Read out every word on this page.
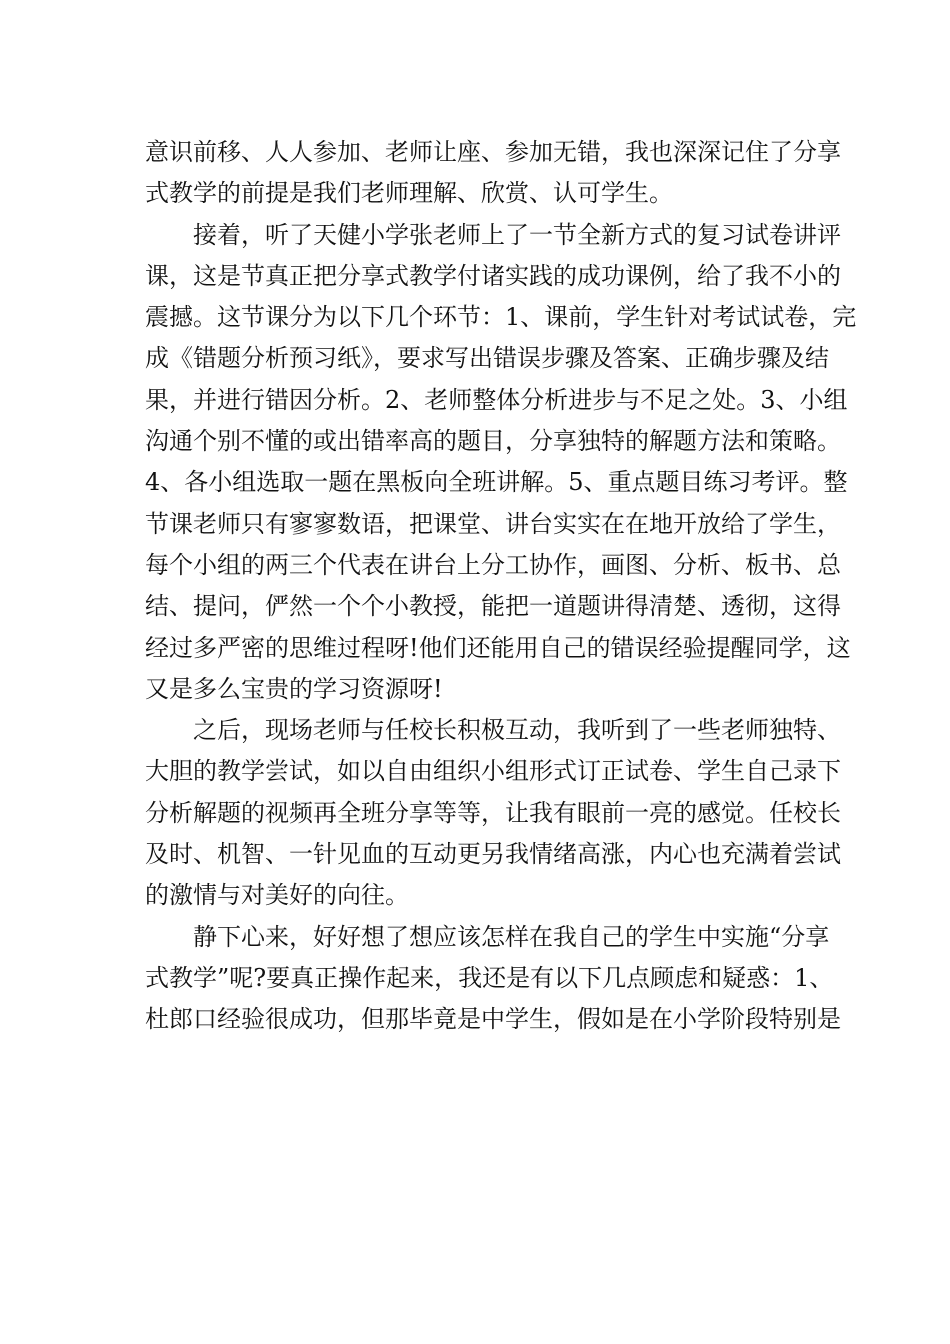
意识前移、人人参加、老师让座、参加无错，我也深深记住了分享
式教学的前提是我们老师理解、欣赏、认可学生。
接着，听了天健小学张老师上了一节全新方式的复习试卷讲评
课，这是节真正把分享式教学付诸实践的成功课例，给了我不小的
震撼。这节课分为以下几个环节：1、课前，学生针对考试试卷，完
成《错题分析预习纸》，要求写出错误步骤及答案、正确步骤及结
果，并进行错因分析。2、老师整体分析进步与不足之处。3、小组
沟通个别不懂的或出错率高的题目，分享独特的解题方法和策略。
4、各小组选取一题在黑板向全班讲解。5、重点题目练习考评。整
节课老师只有寥寥数语，把课堂、讲台实实在在地开放给了学生，
每个小组的两三个代表在讲台上分工协作，画图、分析、板书、总
结、提问，俨然一个个小教授，能把一道题讲得清楚、透彻，这得
经过多严密的思维过程呀!他们还能用自己的错误经验提醒同学，这
又是多么宝贵的学习资源呀!
之后，现场老师与任校长积极互动，我听到了一些老师独特、
大胆的教学尝试，如以自由组织小组形式订正试卷、学生自己录下
分析解题的视频再全班分享等等，让我有眼前一亮的感觉。任校长
及时、机智、一针见血的互动更另我情绪高涨，内心也充满着尝试
的激情与对美好的向往。
静下心来，好好想了想应该怎样在我自己的学生中实施“分享
式教学”呢?要真正操作起来，我还是有以下几点顾虑和疑惑：1、
杜郎口经验很成功，但那毕竟是中学生，假如是在小学阶段特别是
